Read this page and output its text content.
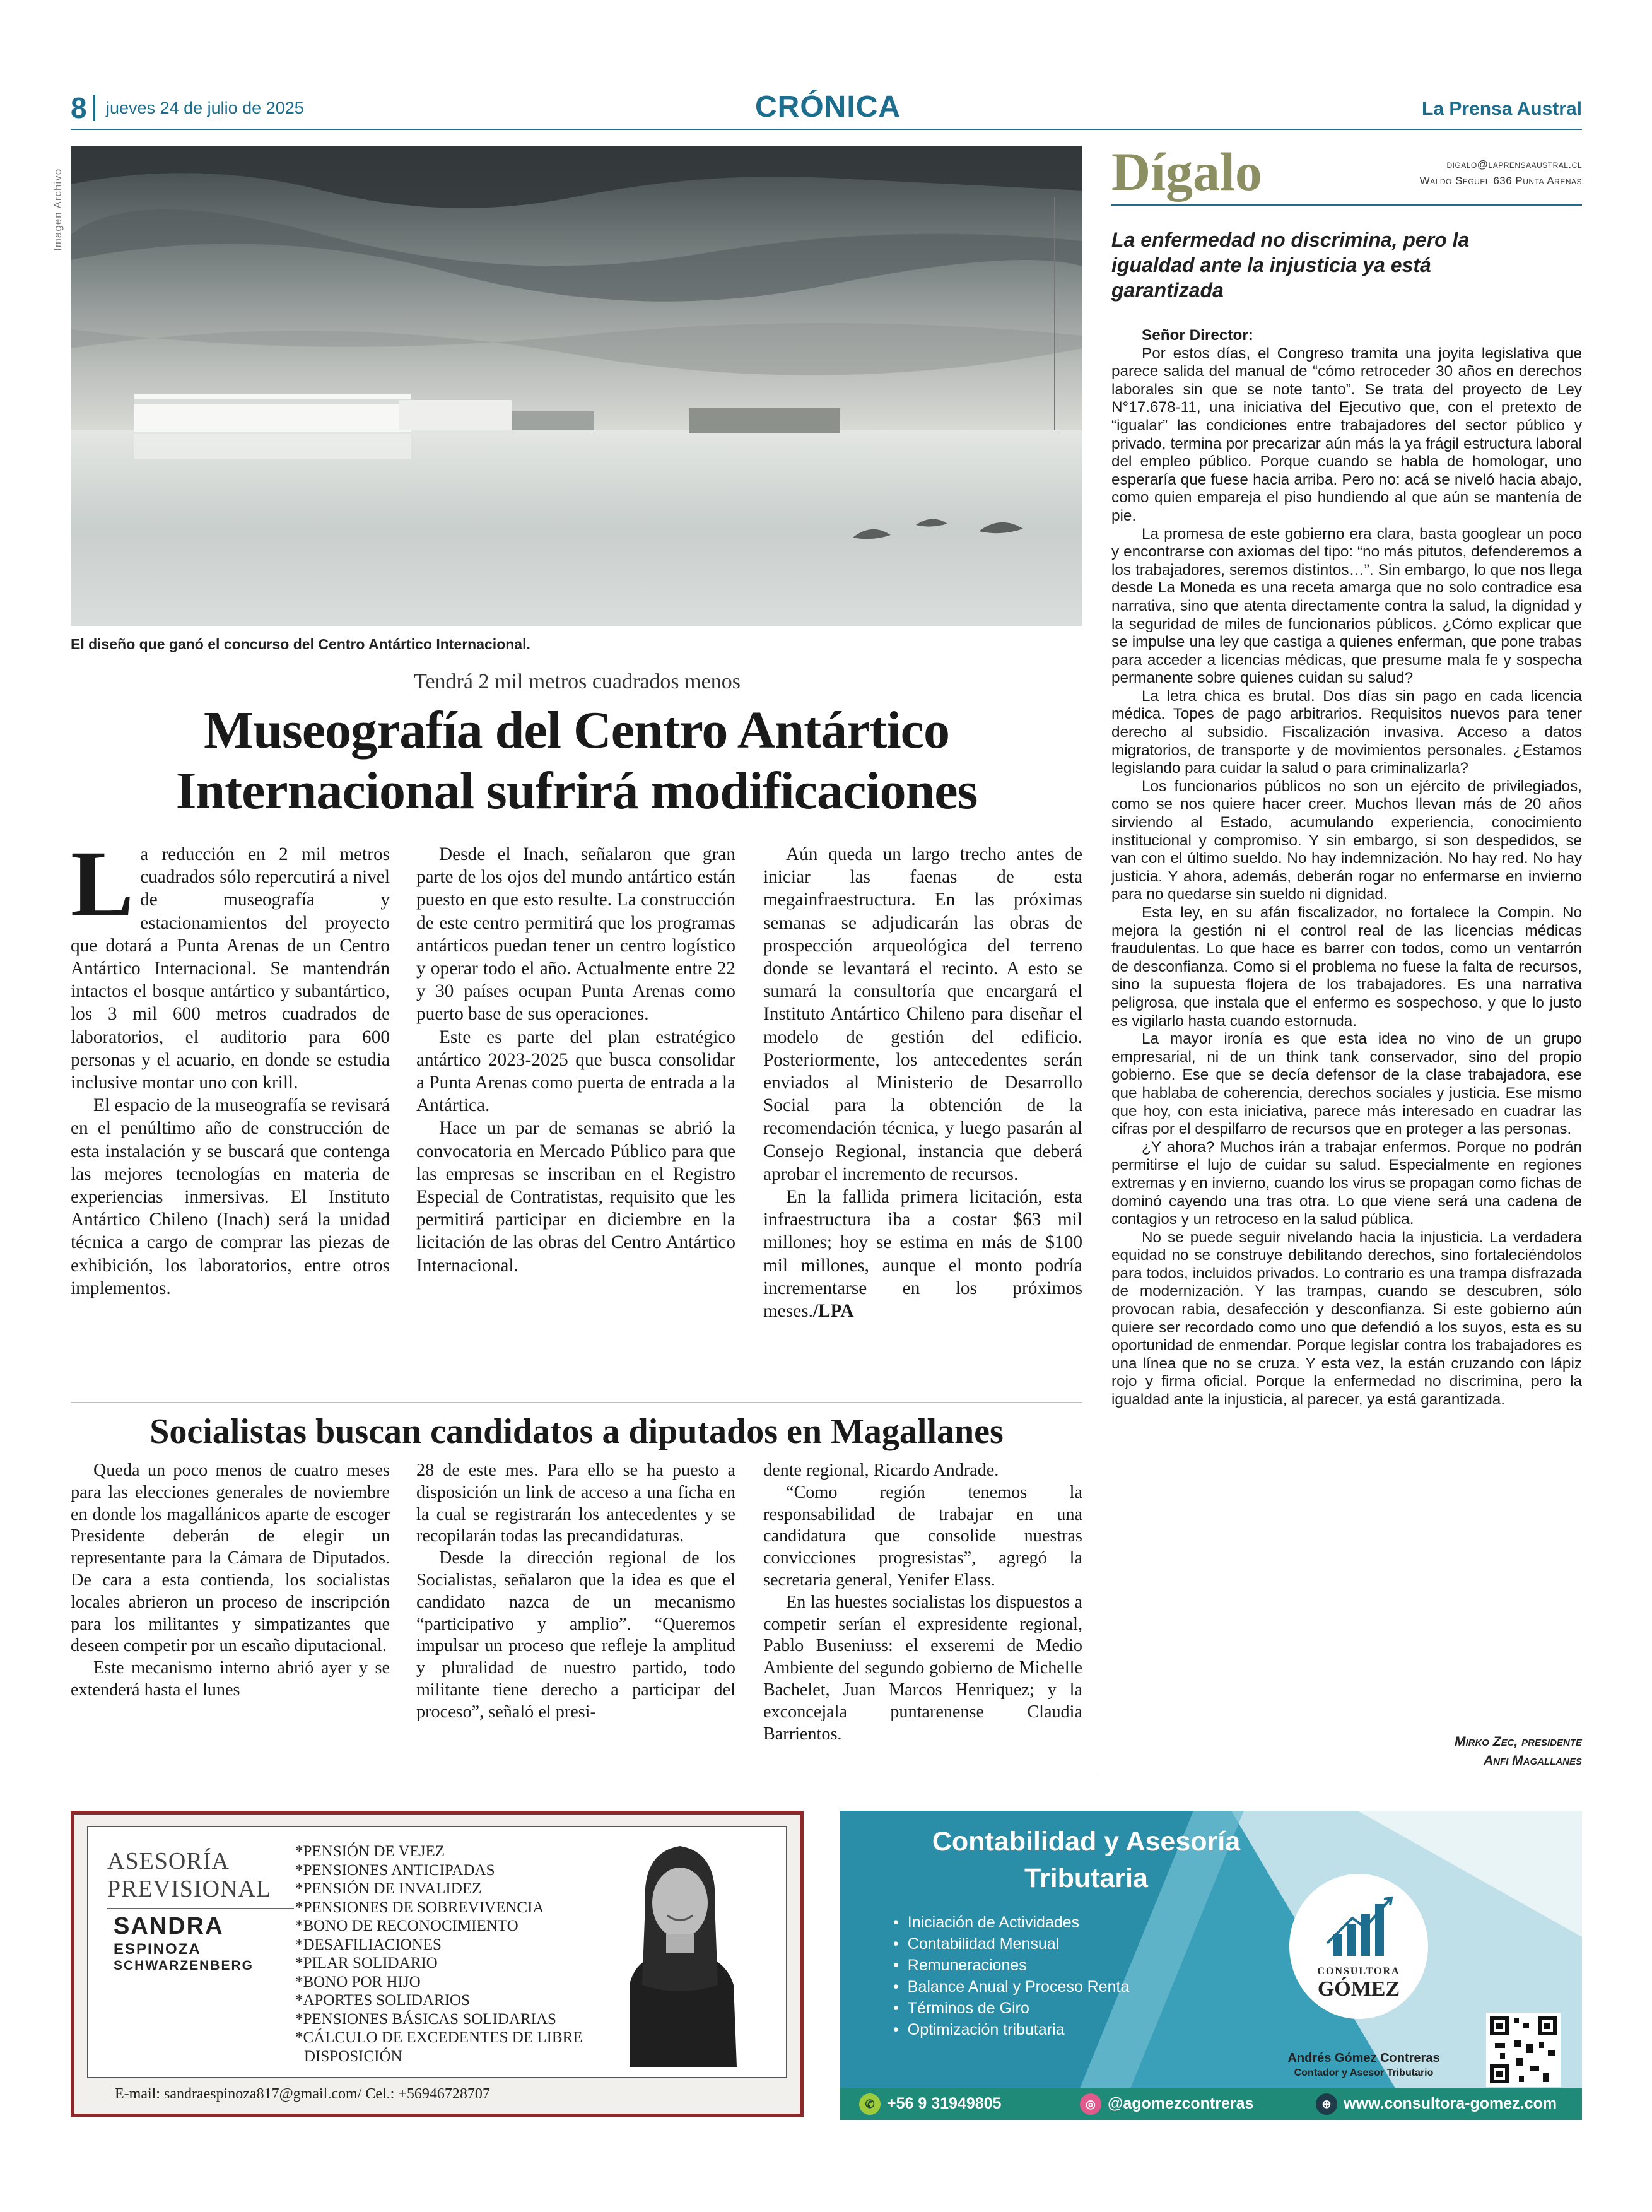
8 jueves 24 de julio de 2025	CRÓNICA	La Prensa Austral
Imagen Archivo
El diseño que ganó el concurso del Centro Antártico Internacional.
Tendrá 2 mil metros cuadrados menos
Museografía del Centro Antártico
Internacional sufrirá modificaciones

La reducción en 2 mil metros cuadrados sólo repercutirá a nivel de museografía y estacionamientos del proyecto que dotará a Punta Arenas de un Centro Antártico Internacional. Se mantendrán intactos el bosque antártico y subantártico, los 3 mil 600 metros cuadrados de laboratorios, el auditorio para 600 personas y el acuario, en donde se estudia inclusive montar uno con krill.

El espacio de la museografía se revisará en el penúltimo año de construcción de esta instalación y se buscará que contenga las mejores tecnologías en materia de experiencias inmersivas. El Instituto Antártico Chileno (Inach) será la unidad técnica a cargo de comprar las piezas de exhibición, los laboratorios, entre otros implementos.

Desde el Inach, señalaron que gran parte de los ojos del mundo antártico están puesto en que esto resulte. La construcción de este centro permitirá que los programas antárticos puedan tener un centro logístico y operar todo el año. Actualmente entre 22 y 30 países ocupan Punta Arenas como puerto base de sus operaciones.

Este es parte del plan estratégico antártico 2023-2025 que busca consolidar a Punta Arenas como puerta de entrada a la Antártica.

Hace un par de semanas se abrió la convocatoria en Mercado Público para que las empresas se inscriban en el Registro Especial de Contratistas, requisito que les permitirá participar en diciembre en la licitación de las obras del Centro Antártico Internacional.

Aún queda un largo trecho antes de iniciar las faenas de esta megainfraestructura. En las próximas semanas se adjudicarán las obras de prospección arqueológica del terreno donde se levantará el recinto. A esto se sumará la consultoría que encargará el Instituto Antártico Chileno para diseñar el modelo de gestión del edificio. Posteriormente, los antecedentes serán enviados al Ministerio de Desarrollo Social para la obtención de la recomendación técnica, y luego pasarán al Consejo Regional, instancia que deberá aprobar el incremento de recursos.

En la fallida primera licitación, esta infraestructura iba a costar $63 mil millones; hoy se estima en más de $100 mil millones, aunque el monto podría incrementarse en los próximos meses./LPA

Socialistas buscan candidatos a diputados en Magallanes

Queda un poco menos de cuatro meses para las elecciones generales de noviembre en donde los magallánicos aparte de escoger Presidente deberán de elegir un representante para la Cámara de Diputados. De cara a esta contienda, los socialistas locales abrieron un proceso de inscripción para los militantes y simpatizantes que deseen competir por un escaño diputacional.

Este mecanismo interno abrió ayer y se extenderá hasta el lunes

28 de este mes. Para ello se ha puesto a disposición un link de acceso a una ficha en la cual se registrarán los antecedentes y se recopilarán todas las precandidaturas.

Desde la dirección regional de los Socialistas, señalaron que la idea es que el candidato nazca de un mecanismo “participativo y amplio”. “Queremos impulsar un proceso que refleje la amplitud y pluralidad de nuestro partido, todo militante tiene derecho a participar del proceso”, señaló el presi-

dente regional, Ricardo Andrade.

“Como región tenemos la responsabilidad de trabajar en una candidatura que consolide nuestras convicciones progresistas”, agregó la secretaria general, Yenifer Elass.

En las huestes socialistas los dispuestos a competir serían el expresidente regional, Pablo Buseniuss: el exseremi de Medio Ambiente del segundo gobierno de Michelle Bachelet, Juan Marcos Henriquez; y la exconcejala puntarenense Claudia Barrientos.

Dígalo	digalo@laprensaaustral.cl
Waldo Seguel 636 Punta Arenas
La enfermedad no discrimina, pero la igualdad ante la injusticia ya está garantizada

Señor Director:

Por estos días, el Congreso tramita una joyita legislativa que parece salida del manual de “cómo retroceder 30 años en derechos laborales sin que se note tanto”. Se trata del proyecto de Ley N°17.678-11, una iniciativa del Ejecutivo que, con el pretexto de “igualar” las condiciones entre trabajadores del sector público y privado, termina por precarizar aún más la ya frágil estructura laboral del empleo público. Porque cuando se habla de homologar, uno esperaría que fuese hacia arriba. Pero no: acá se niveló hacia abajo, como quien empareja el piso hundiendo al que aún se mantenía de pie.

La promesa de este gobierno era clara, basta googlear un poco y encontrarse con axiomas del tipo: “no más pitutos, defenderemos a los trabajadores, seremos distintos…”. Sin embargo, lo que nos llega desde La Moneda es una receta amarga que no solo contradice esa narrativa, sino que atenta directamente contra la salud, la dignidad y la seguridad de miles de funcionarios públicos. ¿Cómo explicar que se impulse una ley que castiga a quienes enferman, que pone trabas para acceder a licencias médicas, que presume mala fe y sospecha permanente sobre quienes cuidan su salud?

La letra chica es brutal. Dos días sin pago en cada licencia médica. Topes de pago arbitrarios. Requisitos nuevos para tener derecho al subsidio. Fiscalización invasiva. Acceso a datos migratorios, de transporte y de movimientos personales. ¿Estamos legislando para cuidar la salud o para criminalizarla?

Los funcionarios públicos no son un ejército de privilegiados, como se nos quiere hacer creer. Muchos llevan más de 20 años sirviendo al Estado, acumulando experiencia, conocimiento institucional y compromiso. Y sin embargo, si son despedidos, se van con el último sueldo. No hay indemnización. No hay red. No hay justicia. Y ahora, además, deberán rogar no enfermarse en invierno para no quedarse sin sueldo ni dignidad.

Esta ley, en su afán fiscalizador, no fortalece la Compin. No mejora la gestión ni el control real de las licencias médicas fraudulentas. Lo que hace es barrer con todos, como un ventarrón de desconfianza. Como si el problema no fuese la falta de recursos, sino la supuesta flojera de los trabajadores. Es una narrativa peligrosa, que instala que el enfermo es sospechoso, y que lo justo es vigilarlo hasta cuando estornuda.

La mayor ironía es que esta idea no vino de un grupo empresarial, ni de un think tank conservador, sino del propio gobierno. Ese que se decía defensor de la clase trabajadora, ese que hablaba de coherencia, derechos sociales y justicia. Ese mismo que hoy, con esta iniciativa, parece más interesado en cuadrar las cifras por el despilfarro de recursos que en proteger a las personas.

¿Y ahora? Muchos irán a trabajar enfermos. Porque no podrán permitirse el lujo de cuidar su salud. Especialmente en regiones extremas y en invierno, cuando los virus se propagan como fichas de dominó cayendo una tras otra. Lo que viene será una cadena de contagios y un retroceso en la salud pública.

No se puede seguir nivelando hacia la injusticia. La verdadera equidad no se construye debilitando derechos, sino fortaleciéndolos para todos, incluidos privados. Lo contrario es una trampa disfrazada de modernización. Y las trampas, cuando se descubren, sólo provocan rabia, desafección y desconfianza. Si este gobierno aún quiere ser recordado como uno que defendió a los suyos, esta es su oportunidad de enmendar. Porque legislar contra los trabajadores es una línea que no se cruza. Y esta vez, la están cruzando con lápiz rojo y firma oficial. Porque la enfermedad no discrimina, pero la igualdad ante la injusticia, al parecer, ya está garantizada.

Mirko Zec, presidente
Anfi Magallanes
ASESORÍA
PREVISIONAL
SANDRA
ESPINOZA
SCHWARZENBERG
*PENSIÓN DE VEJEZ
*PENSIONES ANTICIPADAS
*PENSIÓN DE INVALIDEZ
*PENSIONES DE SOBREVIVENCIA
*BONO DE RECONOCIMIENTO
*DESAFILIACIONES
*PILAR SOLIDARIO
*BONO POR HIJO
*APORTES SOLIDARIOS
*PENSIONES BÁSICAS SOLIDARIAS
*CÁLCULO DE EXCEDENTES DE LIBRE
DISPOSICIÓN
E-mail: sandraespinoza817@gmail.com/ Cel.: +56946728707
Contabilidad y Asesoría
Tributaria
• Iniciación de Actividades
• Contabilidad Mensual
• Remuneraciones
• Balance Anual y Proceso Renta
• Términos de Giro
• Optimización tributaria
CONSULTORA
GÓMEZ
Andrés Gómez Contreras
Contador y Asesor Tributario
✆ +56 9 31949805	◎ @agomezcontreras	⊕ www.consultora-gomez.com
